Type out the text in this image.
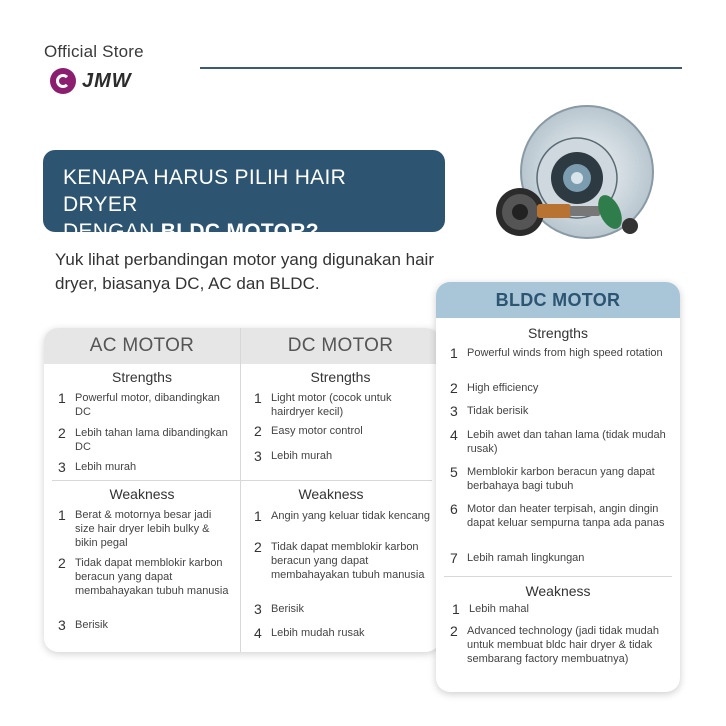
Official Store
JMW
KENAPA HARUS PILIH HAIR DRYER
DENGAN BLDC MOTOR?
Yuk lihat perbandingan motor yang digunakan hair dryer, biasanya DC, AC dan BLDC.
AC MOTOR	DC MOTOR
Strengths
1 Powerful motor, dibandingkan DC
2 Lebih tahan lama dibandingkan DC
3 Lebih murah
Weakness
1 Berat & motornya besar jadi size hair dryer lebih bulky & bikin pegal
2 Tidak dapat memblokir karbon beracun yang dapat membahayakan tubuh manusia
3 Berisik
Strengths
1 Light motor (cocok untuk hairdryer kecil)
2 Easy motor control
3 Lebih murah
Weakness
1 Angin yang keluar tidak kencang
2 Tidak dapat memblokir karbon beracun yang dapat membahayakan tubuh manusia
3 Berisik
4 Lebih mudah rusak
BLDC MOTOR
Strengths
1 Powerful winds from high speed rotation
2 High efficiency
3 Tidak berisik
4 Lebih awet dan tahan lama (tidak mudah rusak)
5 Memblokir karbon beracun yang dapat berbahaya bagi tubuh
6 Motor dan heater terpisah, angin dingin dapat keluar sempurna tanpa ada panas
7 Lebih ramah lingkungan
Weakness
1 Lebih mahal
2 Advanced technology (jadi tidak mudah untuk membuat bldc hair dryer & tidak sembarang factory membuatnya)
